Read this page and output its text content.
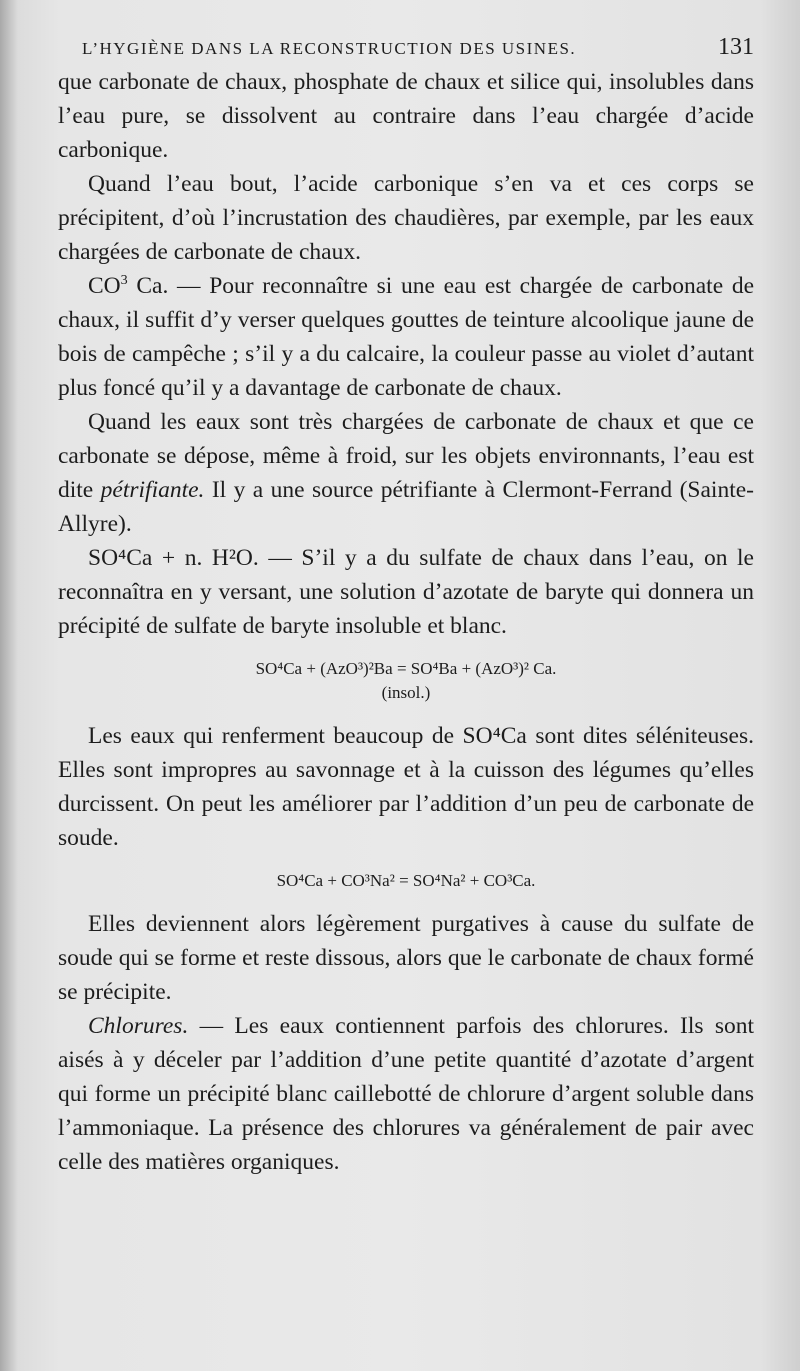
L’HYGIÈNE DANS LA RECONSTRUCTION DES USINES.	131

que carbonate de chaux, phosphate de chaux et silice qui, insolubles dans l’eau pure, se dissolvent au contraire dans l’eau chargée d’acide carbonique.

Quand l’eau bout, l’acide carbonique s’en va et ces corps se précipitent, d’où l’incrustation des chaudières, par exemple, par les eaux chargées de carbonate de chaux.

$CO^3$ Ca. — Pour reconnaître si une eau est chargée de carbonate de chaux, il suffit d’y verser quelques gouttes de teinture alcoolique jaune de bois de campêche ; s’il y a du calcaire, la couleur passe au violet d’autant plus foncé qu’il y a davantage de carbonate de chaux.

Quand les eaux sont très chargées de carbonate de chaux et que ce carbonate se dépose, même à froid, sur les objets environnants, l’eau est dite pétrifiante. Il y a une source pétrifiante à Clermont-Ferrand (Sainte-Allyre).

SO⁴Ca + n. H²O. — S’il y a du sulfate de chaux dans l’eau, on le reconnaîtra en y versant, une solution d’azotate de baryte qui donnera un précipité de sulfate de baryte insoluble et blanc.

SO⁴Ca + (AzO³)²Ba = SO⁴Ba + (AzO³)² Ca.
(insol.)

Les eaux qui renferment beaucoup de SO⁴Ca sont dites séléniteuses. Elles sont impropres au savonnage et à la cuisson des légumes qu’elles durcissent. On peut les améliorer par l’addition d’un peu de carbonate de soude.

SO⁴Ca + CO³Na² = SO⁴Na² + CO³Ca.

Elles deviennent alors légèrement purgatives à cause du sulfate de soude qui se forme et reste dissous, alors que le carbonate de chaux formé se précipite.

Chlorures. — Les eaux contiennent parfois des chlorures. Ils sont aisés à y déceler par l’addition d’une petite quantité d’azotate d’argent qui forme un précipité blanc caillebotté de chlorure d’argent soluble dans l’ammoniaque. La présence des chlorures va généralement de pair avec celle des matières organiques.
